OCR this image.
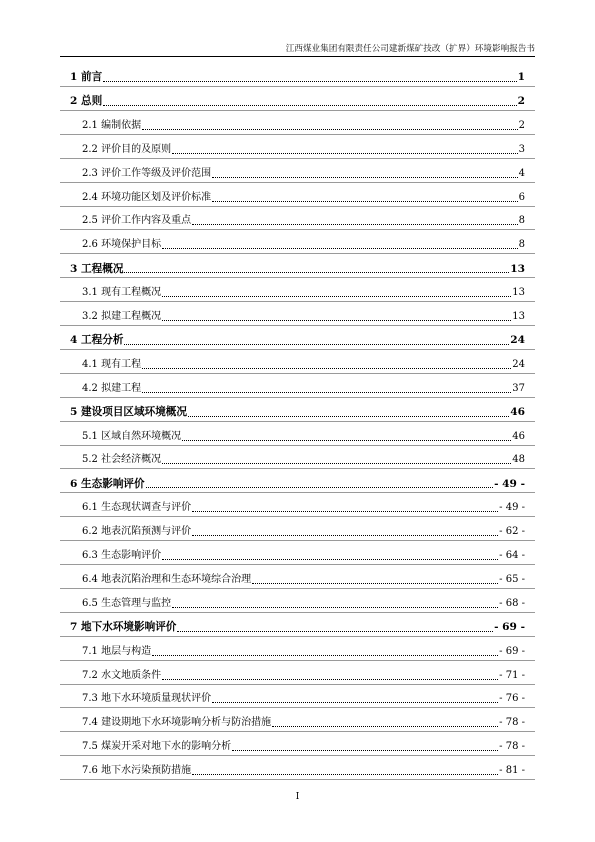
江西煤业集团有限责任公司建新煤矿技改（扩界）环境影响报告书
1 前言	1
2 总则	2
2.1 编制依据	2
2.2 评价目的及原则	3
2.3 评价工作等级及评价范围	4
2.4 环境功能区划及评价标准	6
2.5 评价工作内容及重点	8
2.6 环境保护目标	8
3 工程概况	13
3.1 现有工程概况	13
3.2 拟建工程概况	13
4 工程分析	24
4.1 现有工程	24
4.2 拟建工程	37
5 建设项目区域环境概况	46
5.1 区域自然环境概况	46
5.2 社会经济概况	48
6 生态影响评价	- 49 -
6.1 生态现状调查与评价	- 49 -
6.2 地表沉陷预测与评价	- 62 -
6.3 生态影响评价	- 64 -
6.4 地表沉陷治理和生态环境综合治理	- 65 -
6.5 生态管理与监控	- 68 -
7 地下水环境影响评价	- 69 -
7.1 地层与构造	- 69 -
7.2 水文地质条件	- 71 -
7.3 地下水环境质量现状评价	- 76 -
7.4 建设期地下水环境影响分析与防治措施	- 78 -
7.5 煤炭开采对地下水的影响分析	- 78 -
7.6 地下水污染预防措施	- 81 -
I
